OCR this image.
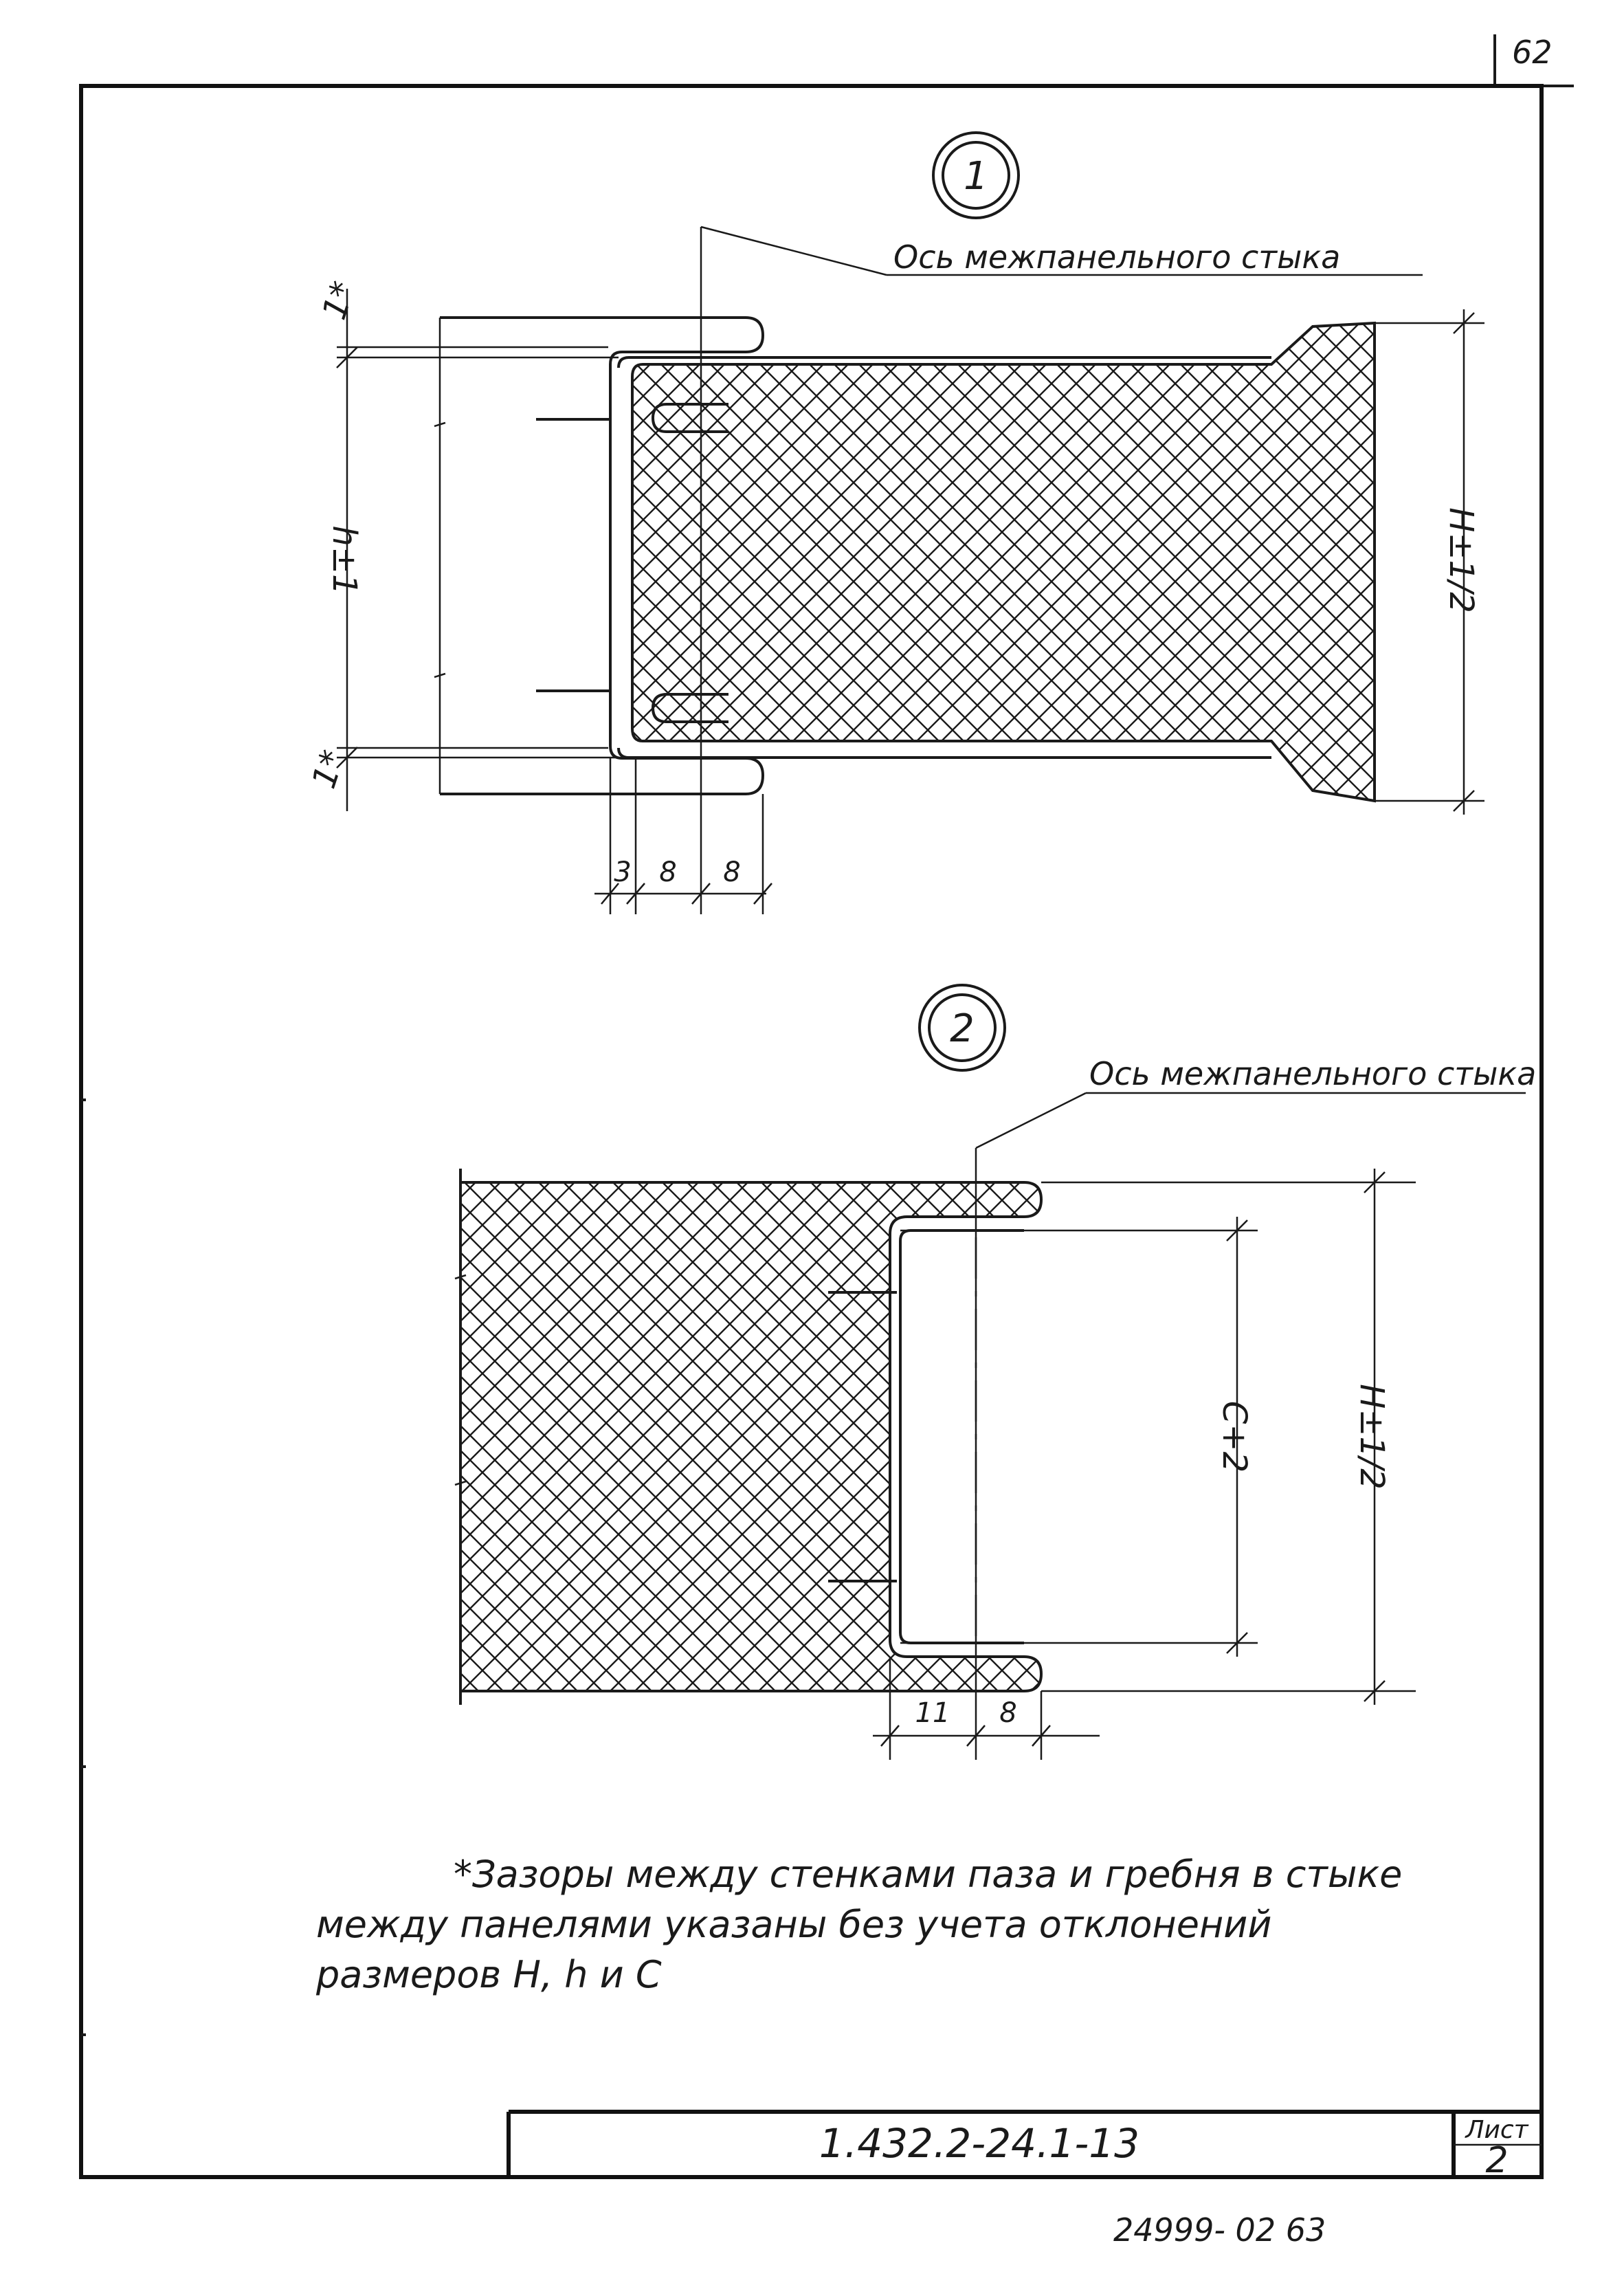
62
1
Ось межпанельного стыка
h±1
1*
1*
H±1/2
3 8 8
2
Ось межпанельного стыка
C+2	H±1/2
11 8
*Зазоры между стенками паза и гребня в стыке
между панелями указаны без учета отклонений
размеров H, h и C
1.432.2-24.1-13	Лист
2
24999- 02 63
